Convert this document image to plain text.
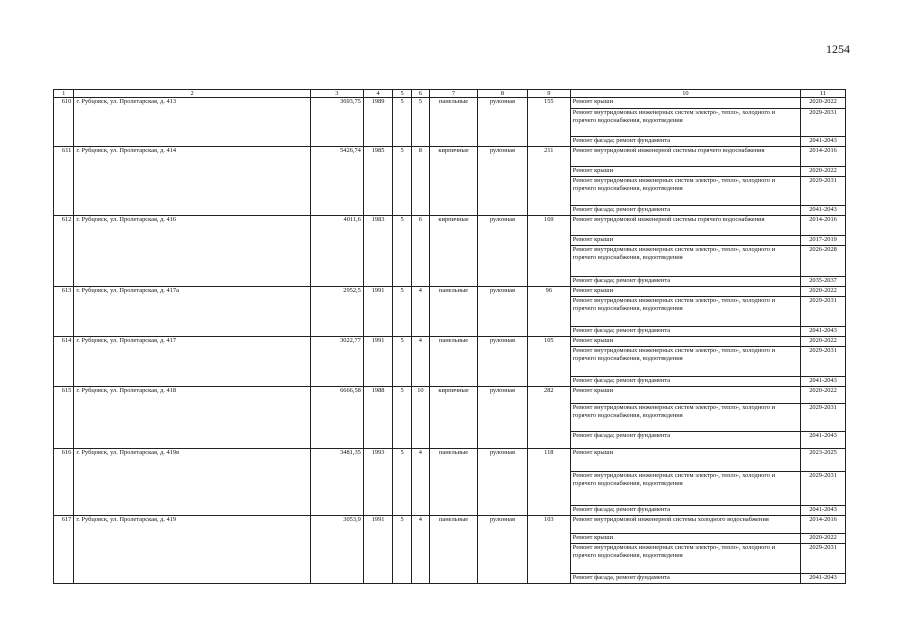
1254
1	2	3	4	5	6	7	8	9	10	11
610	г. Рубцовск, ул. Пролетарская, д. 413	3693,75	1989	5	5	панельные	рулонная	155	Ремонт крыши	2020-2022
									Ремонт внутридомовых инженерных систем электро-, тепло-, холодного и горячего водоснабжения, водоотведения	2029-2031
									Ремонт фасада; ремонт фундамента	2041-2043
611	г. Рубцовск, ул. Пролетарская, д. 414	5426,74	1985	5	8	кирпичные	рулонная	211	Ремонт внутридомовой инженерной системы горячего водоснабжения	2014-2016
									Ремонт крыши	2020-2022
									Ремонт внутридомовых инженерных систем электро-, тепло-, холодного и горячего водоснабжения, водоотведения	2029-2031
									Ремонт фасада; ремонт фундамента	2041-2043
612	г. Рубцовск, ул. Пролетарская, д. 416	4011,6	1983	5	6	кирпичные	рулонная	169	Ремонт внутридомовой инженерной системы горячего водоснабжения	2014-2016
									Ремонт крыши	2017-2019
									Ремонт внутридомовых инженерных систем электро-, тепло-, холодного и горячего водоснабжения, водоотведения	2026-2028
									Ремонт фасада; ремонт фундамента	2035-2037
613	г. Рубцовск, ул. Пролетарская, д. 417а	2952,5	1991	5	4	панельные	рулонная	96	Ремонт крыши	2020-2022
									Ремонт внутридомовых инженерных систем электро-, тепло-, холодного и горячего водоснабжения, водоотведения	2029-2031
									Ремонт фасада; ремонт фундамента	2041-2043
614	г. Рубцовск, ул. Пролетарская, д. 417	3022,77	1991	5	4	панельные	рулонная	105	Ремонт крыши	2020-2022
									Ремонт внутридомовых инженерных систем электро-, тепло-, холодного и горячего водоснабжения, водоотведения	2029-2031
									Ремонт фасада; ремонт фундамента	2041-2043
615	г. Рубцовск, ул. Пролетарская, д. 418	6666,58	1988	5	10	кирпичные	рулонная	282	Ремонт крыши	2020-2022
									Ремонт внутридомовых инженерных систем электро-, тепло-, холодного и горячего водоснабжения, водоотведения	2029-2031
									Ремонт фасада; ремонт фундамента	2041-2043
616	г. Рубцовск, ул. Пролетарская, д. 419в	3481,35	1993	5	4	панельные	рулонная	118	Ремонт крыши	2023-2025
									Ремонт внутридомовых инженерных систем электро-, тепло-, холодного и горячего водоснабжения, водоотведения	2029-2031
									Ремонт фасада; ремонт фундамента	2041-2043
617	г. Рубцовск, ул. Пролетарская, д. 419	3053,9	1991	5	4	панельные	рулонная	103	Ремонт внутридомовой инженерной системы холодного водоснабжения	2014-2016
									Ремонт крыши	2020-2022
									Ремонт внутридомовых инженерных систем электро-, тепло-, холодного и горячего водоснабжения, водоотведения	2029-2031
									Ремонт фасада, ремонт фундамента	2041-2043
